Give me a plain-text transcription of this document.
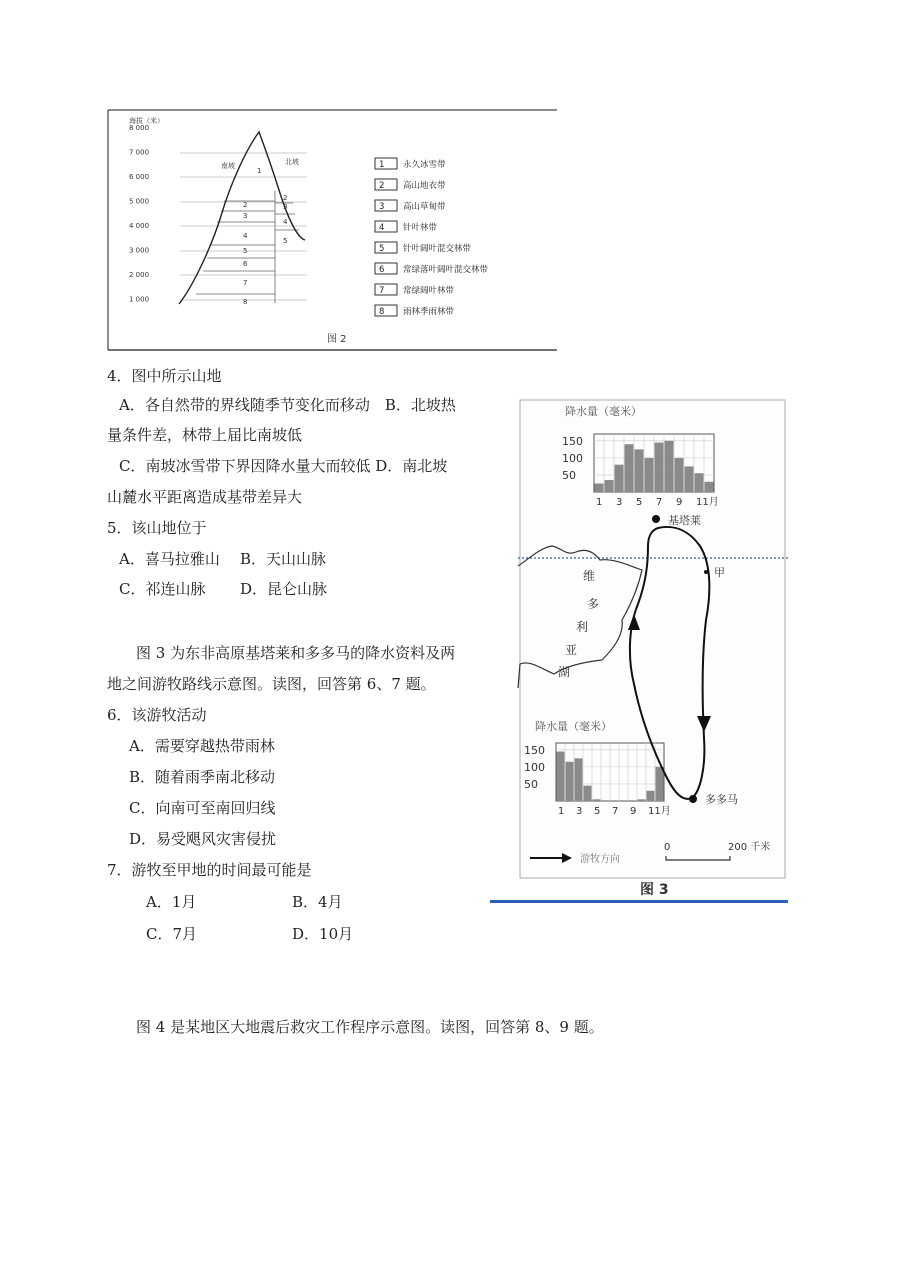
海拔（米）
8 000
7 000
6 000
5 000
4 000
3 000
2 000
1 000
南坡	北坡
1
2
3
4
5
6
7
8
2
3
4
5
1 永久冰雪带
2 高山地衣带
3 高山草甸带
4 针叶林带
5 针叶阔叶混交林带
6 常绿落叶阔叶混交林带
7 常绿阔叶林带
8 雨林季雨林带
图 2
4．图中所示山地
A．各自然带的界线随季节变化而移动　B．北坡热
量条件差，林带上届比南坡低
C．南坡冰雪带下界因降水量大而较低 D．南北坡
山麓水平距离造成基带差异大
5．该山地位于
A．喜马拉雅山 B．天山山脉
C．祁连山脉 D．昆仑山脉
图 3 为东非高原基塔莱和多多马的降水资料及两
地之间游牧路线示意图。读图，回答第 6、7 题。
6．该游牧活动
A．需要穿越热带雨林
B．随着雨季南北移动
C．向南可至南回归线
D．易受飓风灾害侵扰
7．游牧至甲地的时间最可能是
A．1月	B．4月
C．7月	D．10月
图 4 是某地区大地震后救灾工作程序示意图。读图，回答第 8、9 题。
降水量（毫米）
降水量（毫米）
150
100
50
1 3 5 7 9 11月
150
100
50
1 3 5 7 9 11月
维
多
利
亚
湖
基塔莱
多多马
甲
游牧方向
0	200 千米
图 3
